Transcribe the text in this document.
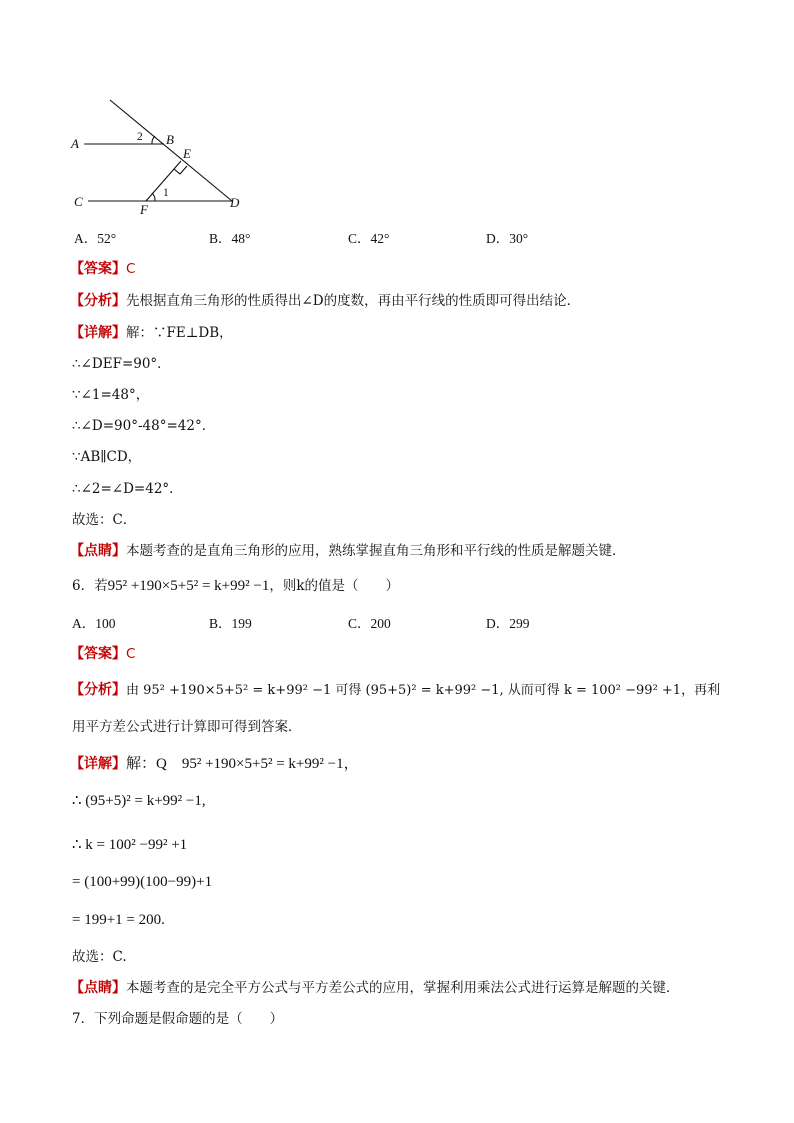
A	B
E
C
F	D
2
1
A．52°	B．48°	C．42°	D．30°
【答案】C
【分析】先根据直角三角形的性质得出∠D的度数，再由平行线的性质即可得出结论．
【详解】解：∵FE⊥DB，
∴∠DEF=90°．
∵∠1=48°，
∴∠D=90°-48°=42°．
∵AB∥CD，
∴∠2=∠D=42°．
故选：C．
【点睛】本题考查的是直角三角形的应用，熟练掌握直角三角形和平行线的性质是解题关键．
6．若95² +190×5+5² = k+99² −1，则k的值是（　　）
A．100	B．199	C．200	D．299
【答案】C
【分析】由 95² +190×5+5² = k+99² −1 可得 (95+5)² = k+99² −1, 从而可得 k = 100² −99² +1，再利
用平方差公式进行计算即可得到答案．
【详解】解：Q　95² +190×5+5² = k+99² −1，
∴ (95+5)² = k+99² −1,
∴ k = 100² −99² +1
= (100+99)(100−99)+1
= 199+1 = 200.
故选：C.
【点睛】本题考查的是完全平方公式与平方差公式的应用，掌握利用乘法公式进行运算是解题的关键．
7．下列命题是假命题的是（　　）
